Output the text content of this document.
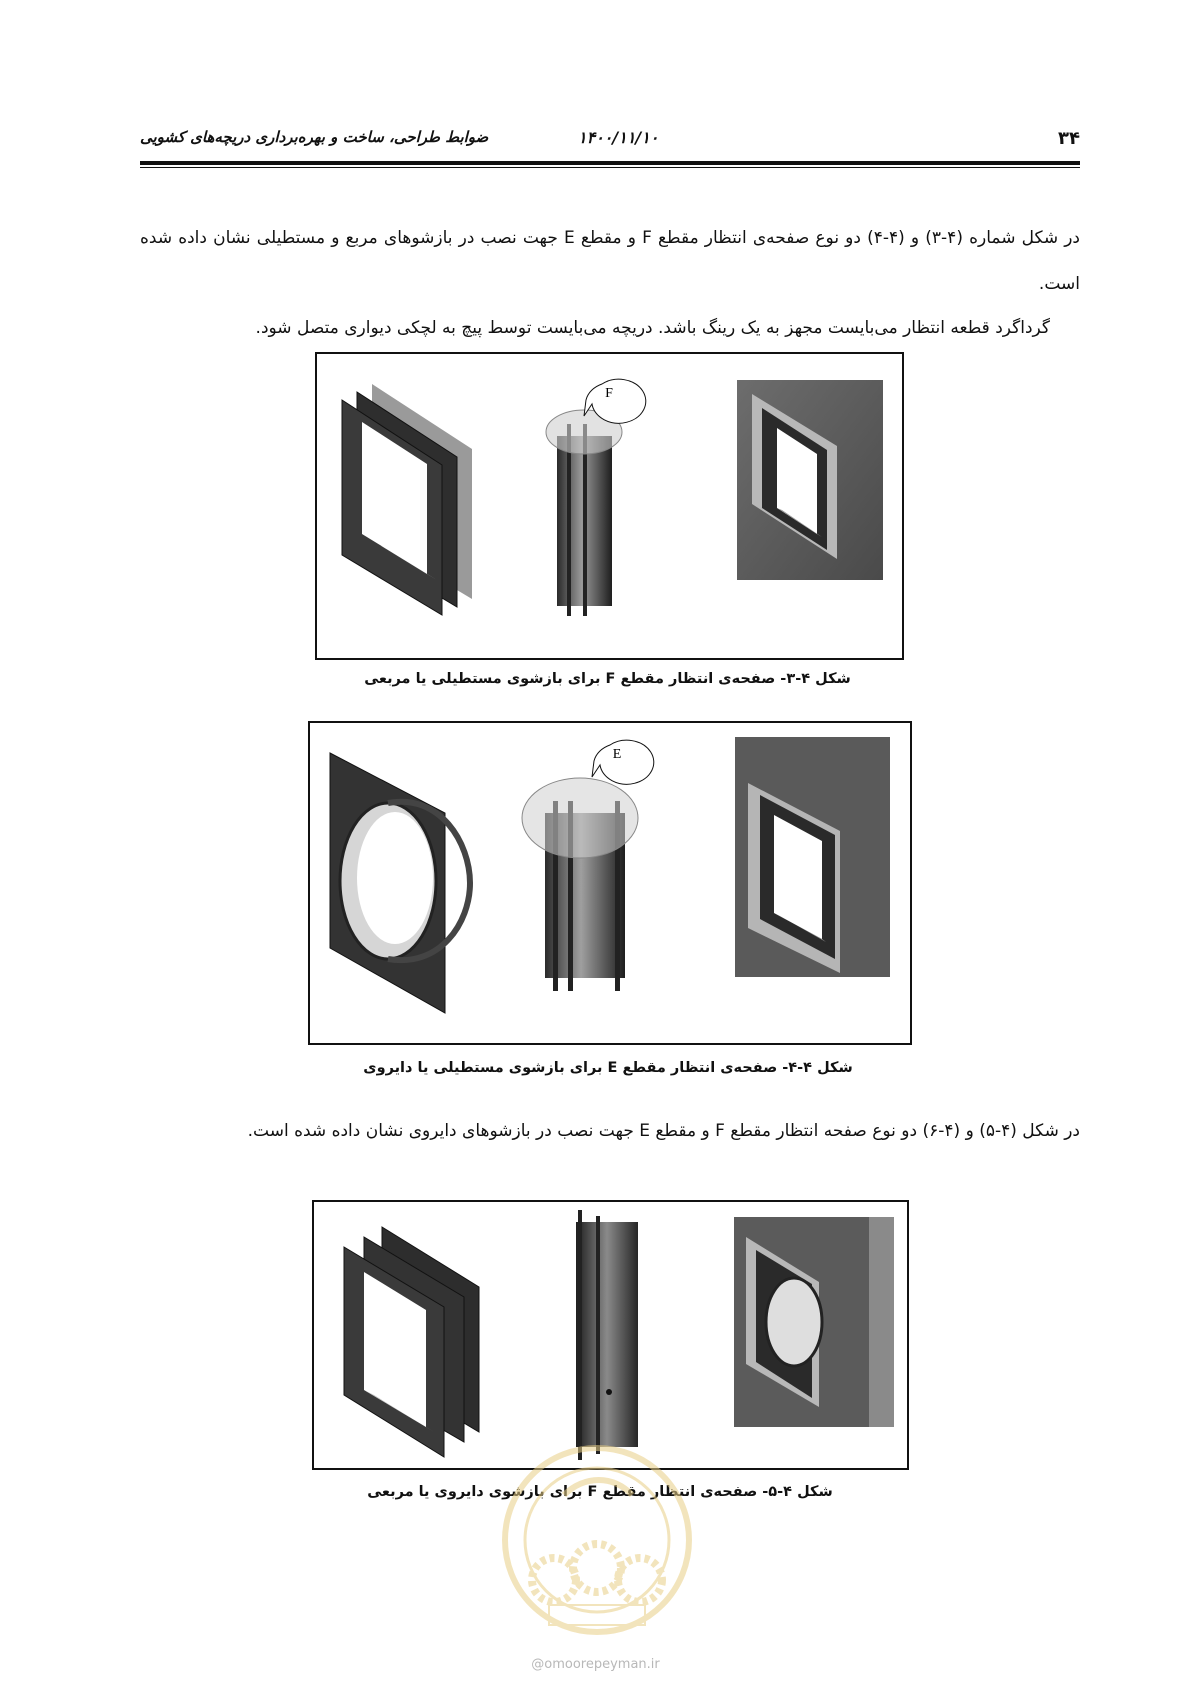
۳۴
۱۴۰۰/۱۱/۱۰
ضوابط طراحی، ساخت و بهره‌برداری دریچه‌های کشویی
در شکل شماره (۴-۳) و (۴-۴) دو نوع صفحه‌ی انتظار مقطع F و مقطع E جهت نصب در بازشوهای مربع و مستطیلی نشان داده شده است.
گرداگرد قطعه انتظار می‌بایست مجهز به یک رینگ باشد. دریچه می‌بایست توسط پیچ به لچکی دیواری متصل شود.
F
شکل ۴-۳- صفحه‌ی انتظار مقطع F برای بازشوی مستطیلی یا مربعی
E
شکل ۴-۴- صفحه‌ی انتظار مقطع E برای بازشوی مستطیلی یا دایروی
در شکل (۴-۵) و (۴-۶) دو نوع صفحه انتظار مقطع F و مقطع E جهت نصب در بازشوهای دایروی نشان داده شده است.
شکل ۴-۵- صفحه‌ی انتظار مقطع F برای بازشوی دایروی یا مربعی
@omoorepeyman.ir
